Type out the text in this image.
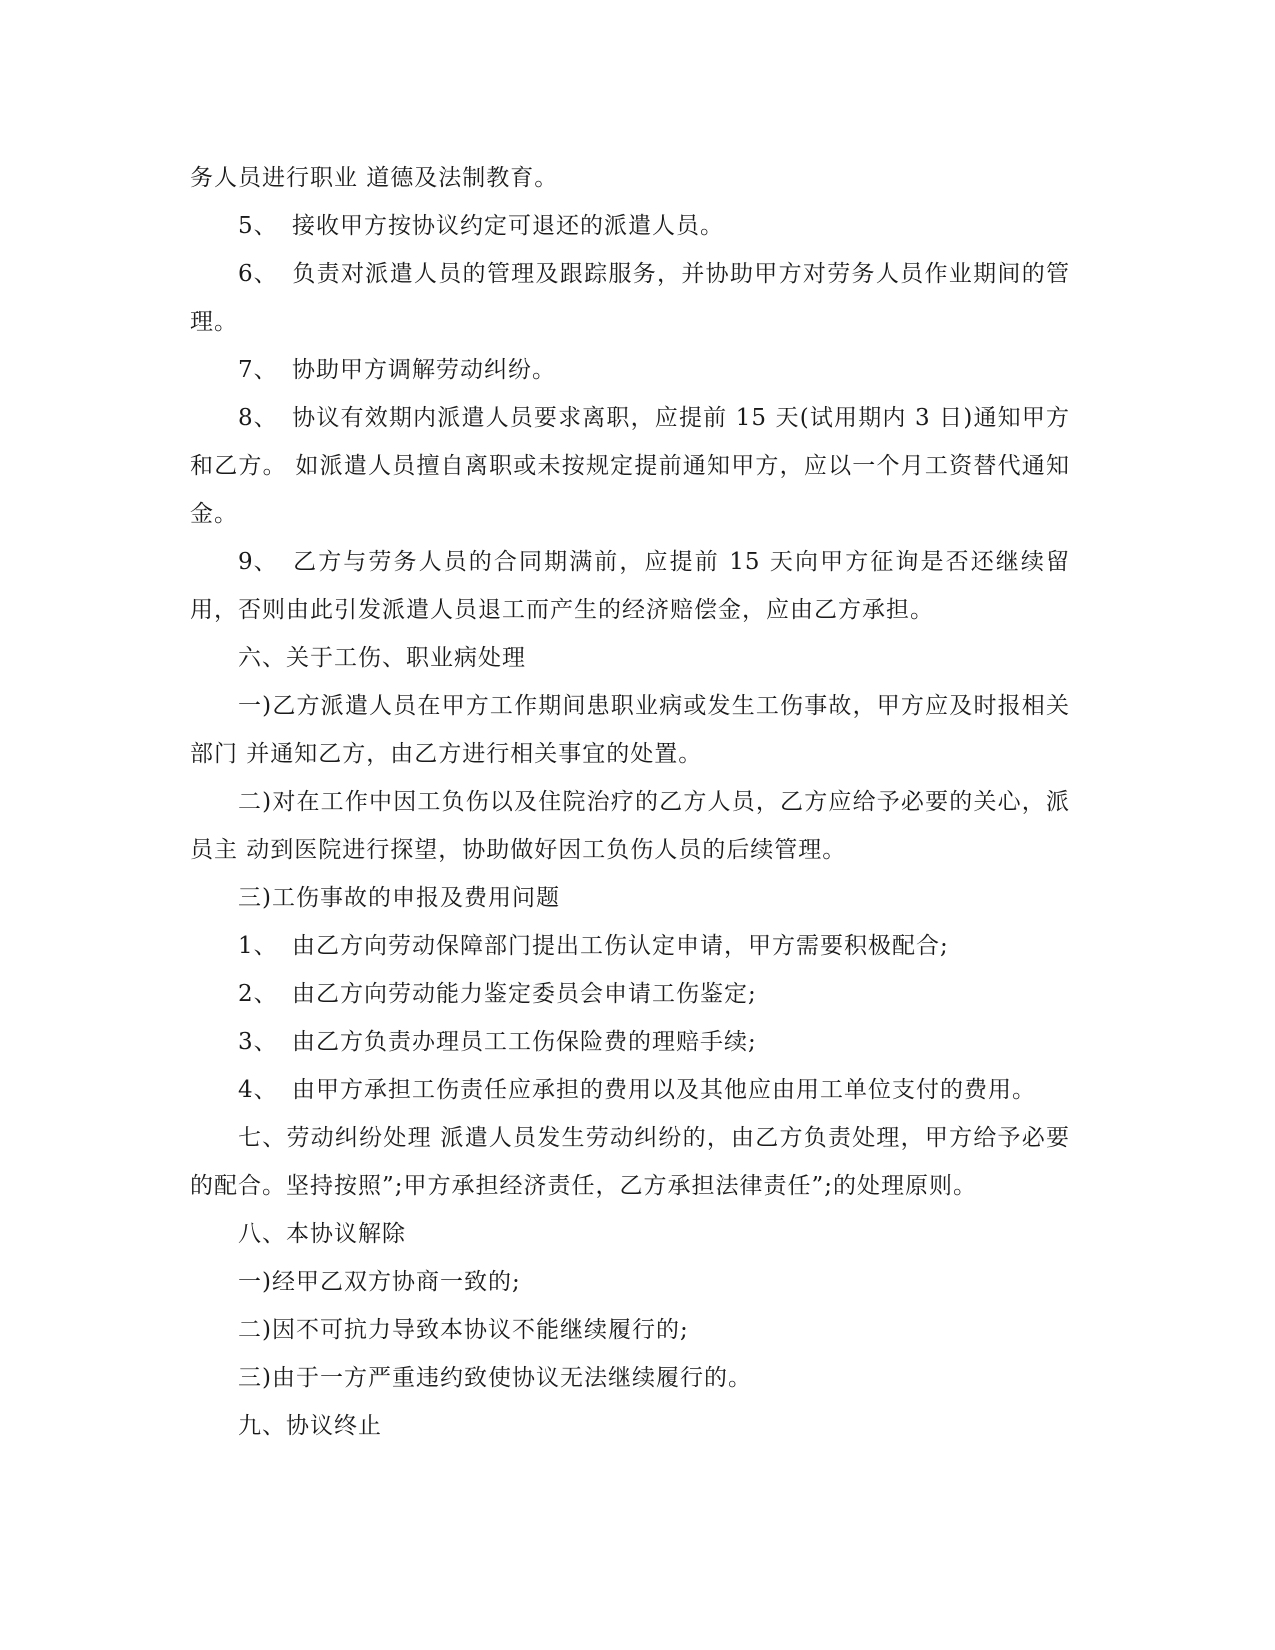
务人员进行职业 道德及法制教育。

5、 接收甲方按协议约定可退还的派遣人员。

6、 负责对派遣人员的管理及跟踪服务，并协助甲方对劳务人员作业期间的管理。

7、 协助甲方调解劳动纠纷。

8、 协议有效期内派遣人员要求离职，应提前 15 天(试用期内 3 日)通知甲方和乙方。 如派遣人员擅自离职或未按规定提前通知甲方，应以一个月工资替代通知金。

9、 乙方与劳务人员的合同期满前，应提前 15 天向甲方征询是否还继续留用，否则由此引发派遣人员退工而产生的经济赔偿金，应由乙方承担。

六、关于工伤、职业病处理

一)乙方派遣人员在甲方工作期间患职业病或发生工伤事故，甲方应及时报相关部门 并通知乙方，由乙方进行相关事宜的处置。

二)对在工作中因工负伤以及住院治疗的乙方人员，乙方应给予必要的关心，派员主 动到医院进行探望，协助做好因工负伤人员的后续管理。

三)工伤事故的申报及费用问题

1、 由乙方向劳动保障部门提出工伤认定申请，甲方需要积极配合;

2、 由乙方向劳动能力鉴定委员会申请工伤鉴定;

3、 由乙方负责办理员工工伤保险费的理赔手续;

4、 由甲方承担工伤责任应承担的费用以及其他应由用工单位支付的费用。

七、劳动纠纷处理 派遣人员发生劳动纠纷的，由乙方负责处理，甲方给予必要的配合。坚持按照”;甲方承担经济责任，乙方承担法律责任”;的处理原则。

八、本协议解除

一)经甲乙双方协商一致的;

二)因不可抗力导致本协议不能继续履行的;

三)由于一方严重违约致使协议无法继续履行的。

九、协议终止
